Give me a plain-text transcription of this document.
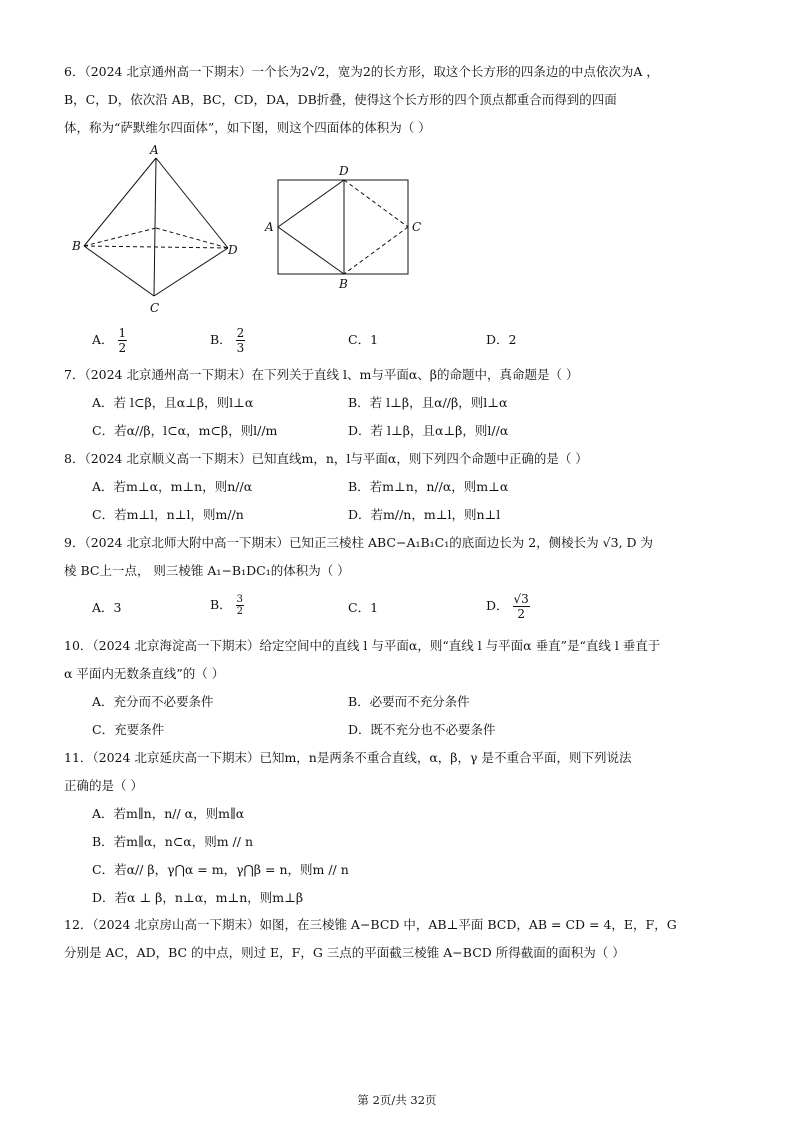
6．（2024 北京通州高一下期末）一个长为2√2，宽为2的长方形，取这个长方形的四条边的中点依次为A ，
B，C，D，依次沿 AB，BC，CD，DA，DB折叠，使得这个长方形的四个顶点都重合而得到的四面
体，称为“萨默维尔四面体”，如下图，则这个四面体的体积为（ ）
A
B
C
D
D
A	C
B
A． $\frac{1}{2}$	B． $\frac{2}{3}$	C．1	D．2
7．（2024 北京通州高一下期末）在下列关于直线 l、m与平面α、β的命题中，真命题是（ ）
A．若 l⊂β，且α⊥β，则l⊥α	B．若 l⊥β，且α//β，则l⊥α
C．若α//β，l⊂α，m⊂β，则l//m	D．若 l⊥β，且α⊥β，则l//α
8．（2024 北京顺义高一下期末）已知直线m，n，l与平面α，则下列四个命题中正确的是（ ）
A．若m⊥α，m⊥n，则n//α	B．若m⊥n，n//α，则m⊥α
C．若m⊥l，n⊥l，则m//n	D．若m//n，m⊥l，则n⊥l
9．（2024 北京北师大附中高一下期末）已知正三棱柱 ABC−A₁B₁C₁的底面边长为 2，侧棱长为 √3, D 为
棱 BC上一点， 则三棱锥 A₁−B₁DC₁的体积为（ ）
A．3	B． $\frac{3}{2}$	C．1	D． $\frac{√3}{2}$
10．（2024 北京海淀高一下期末）给定空间中的直线 l 与平面α，则“直线 l 与平面α 垂直”是“直线 l 垂直于
α 平面内无数条直线”的（ ）
A．充分而不必要条件	B．必要而不充分条件
C．充要条件	D．既不充分也不必要条件
11．（2024 北京延庆高一下期末）已知m，n是两条不重合直线，α，β，γ 是不重合平面，则下列说法
正确的是（ ）
A．若m∥n，n// α，则m∥α
B．若m∥α，n⊂α，则m // n
C．若α// β，γ⋂α = m，γ⋂β = n，则m // n
D．若α ⊥ β，n⊥α，m⊥n，则m⊥β
12．（2024 北京房山高一下期末）如图，在三棱锥 A−BCD 中，AB⊥平面 BCD，AB = CD = 4，E，F，G
分别是 AC，AD，BC 的中点，则过 E，F，G 三点的平面截三棱锥 A−BCD 所得截面的面积为（ ）
第 2页/共 32页
